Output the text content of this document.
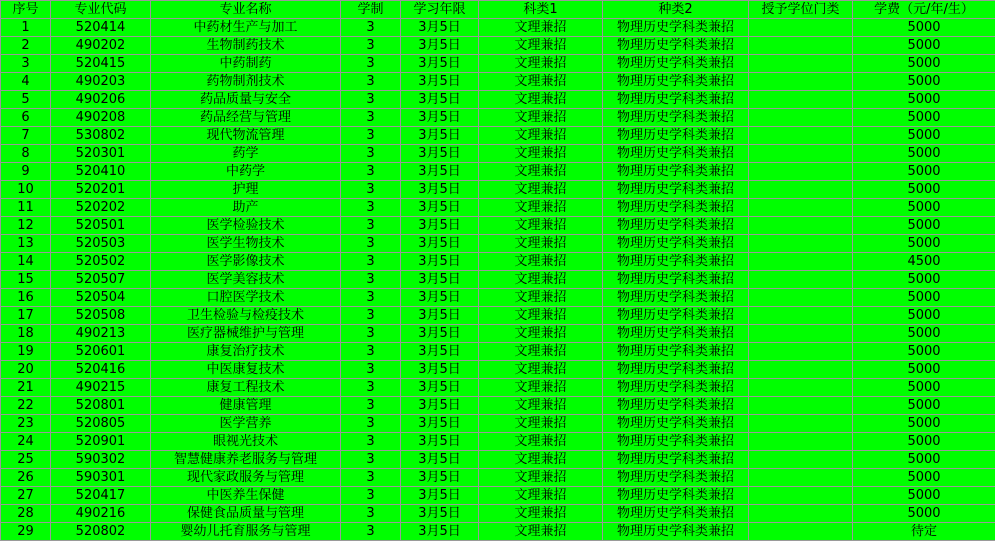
序号	专业代码	专业名称	学制	学习年限	科类1	种类2	授予学位门类	学费（元/年/生）
1	520414	中药材生产与加工	3	3月5日	文理兼招	物理历史学科类兼招		5000
2	490202	生物制药技术	3	3月5日	文理兼招	物理历史学科类兼招		5000
3	520415	中药制药	3	3月5日	文理兼招	物理历史学科类兼招		5000
4	490203	药物制剂技术	3	3月5日	文理兼招	物理历史学科类兼招		5000
5	490206	药品质量与安全	3	3月5日	文理兼招	物理历史学科类兼招		5000
6	490208	药品经营与管理	3	3月5日	文理兼招	物理历史学科类兼招		5000
7	530802	现代物流管理	3	3月5日	文理兼招	物理历史学科类兼招		5000
8	520301	药学	3	3月5日	文理兼招	物理历史学科类兼招		5000
9	520410	中药学	3	3月5日	文理兼招	物理历史学科类兼招		5000
10	520201	护理	3	3月5日	文理兼招	物理历史学科类兼招		5000
11	520202	助产	3	3月5日	文理兼招	物理历史学科类兼招		5000
12	520501	医学检验技术	3	3月5日	文理兼招	物理历史学科类兼招		5000
13	520503	医学生物技术	3	3月5日	文理兼招	物理历史学科类兼招		5000
14	520502	医学影像技术	3	3月5日	文理兼招	物理历史学科类兼招		4500
15	520507	医学美容技术	3	3月5日	文理兼招	物理历史学科类兼招		5000
16	520504	口腔医学技术	3	3月5日	文理兼招	物理历史学科类兼招		5000
17	520508	卫生检验与检疫技术	3	3月5日	文理兼招	物理历史学科类兼招		5000
18	490213	医疗器械维护与管理	3	3月5日	文理兼招	物理历史学科类兼招		5000
19	520601	康复治疗技术	3	3月5日	文理兼招	物理历史学科类兼招		5000
20	520416	中医康复技术	3	3月5日	文理兼招	物理历史学科类兼招		5000
21	490215	康复工程技术	3	3月5日	文理兼招	物理历史学科类兼招		5000
22	520801	健康管理	3	3月5日	文理兼招	物理历史学科类兼招		5000
23	520805	医学营养	3	3月5日	文理兼招	物理历史学科类兼招		5000
24	520901	眼视光技术	3	3月5日	文理兼招	物理历史学科类兼招		5000
25	590302	智慧健康养老服务与管理	3	3月5日	文理兼招	物理历史学科类兼招		5000
26	590301	现代家政服务与管理	3	3月5日	文理兼招	物理历史学科类兼招		5000
27	520417	中医养生保健	3	3月5日	文理兼招	物理历史学科类兼招		5000
28	490216	保健食品质量与管理	3	3月5日	文理兼招	物理历史学科类兼招		5000
29	520802	婴幼儿托育服务与管理	3	3月5日	文理兼招	物理历史学科类兼招		待定
